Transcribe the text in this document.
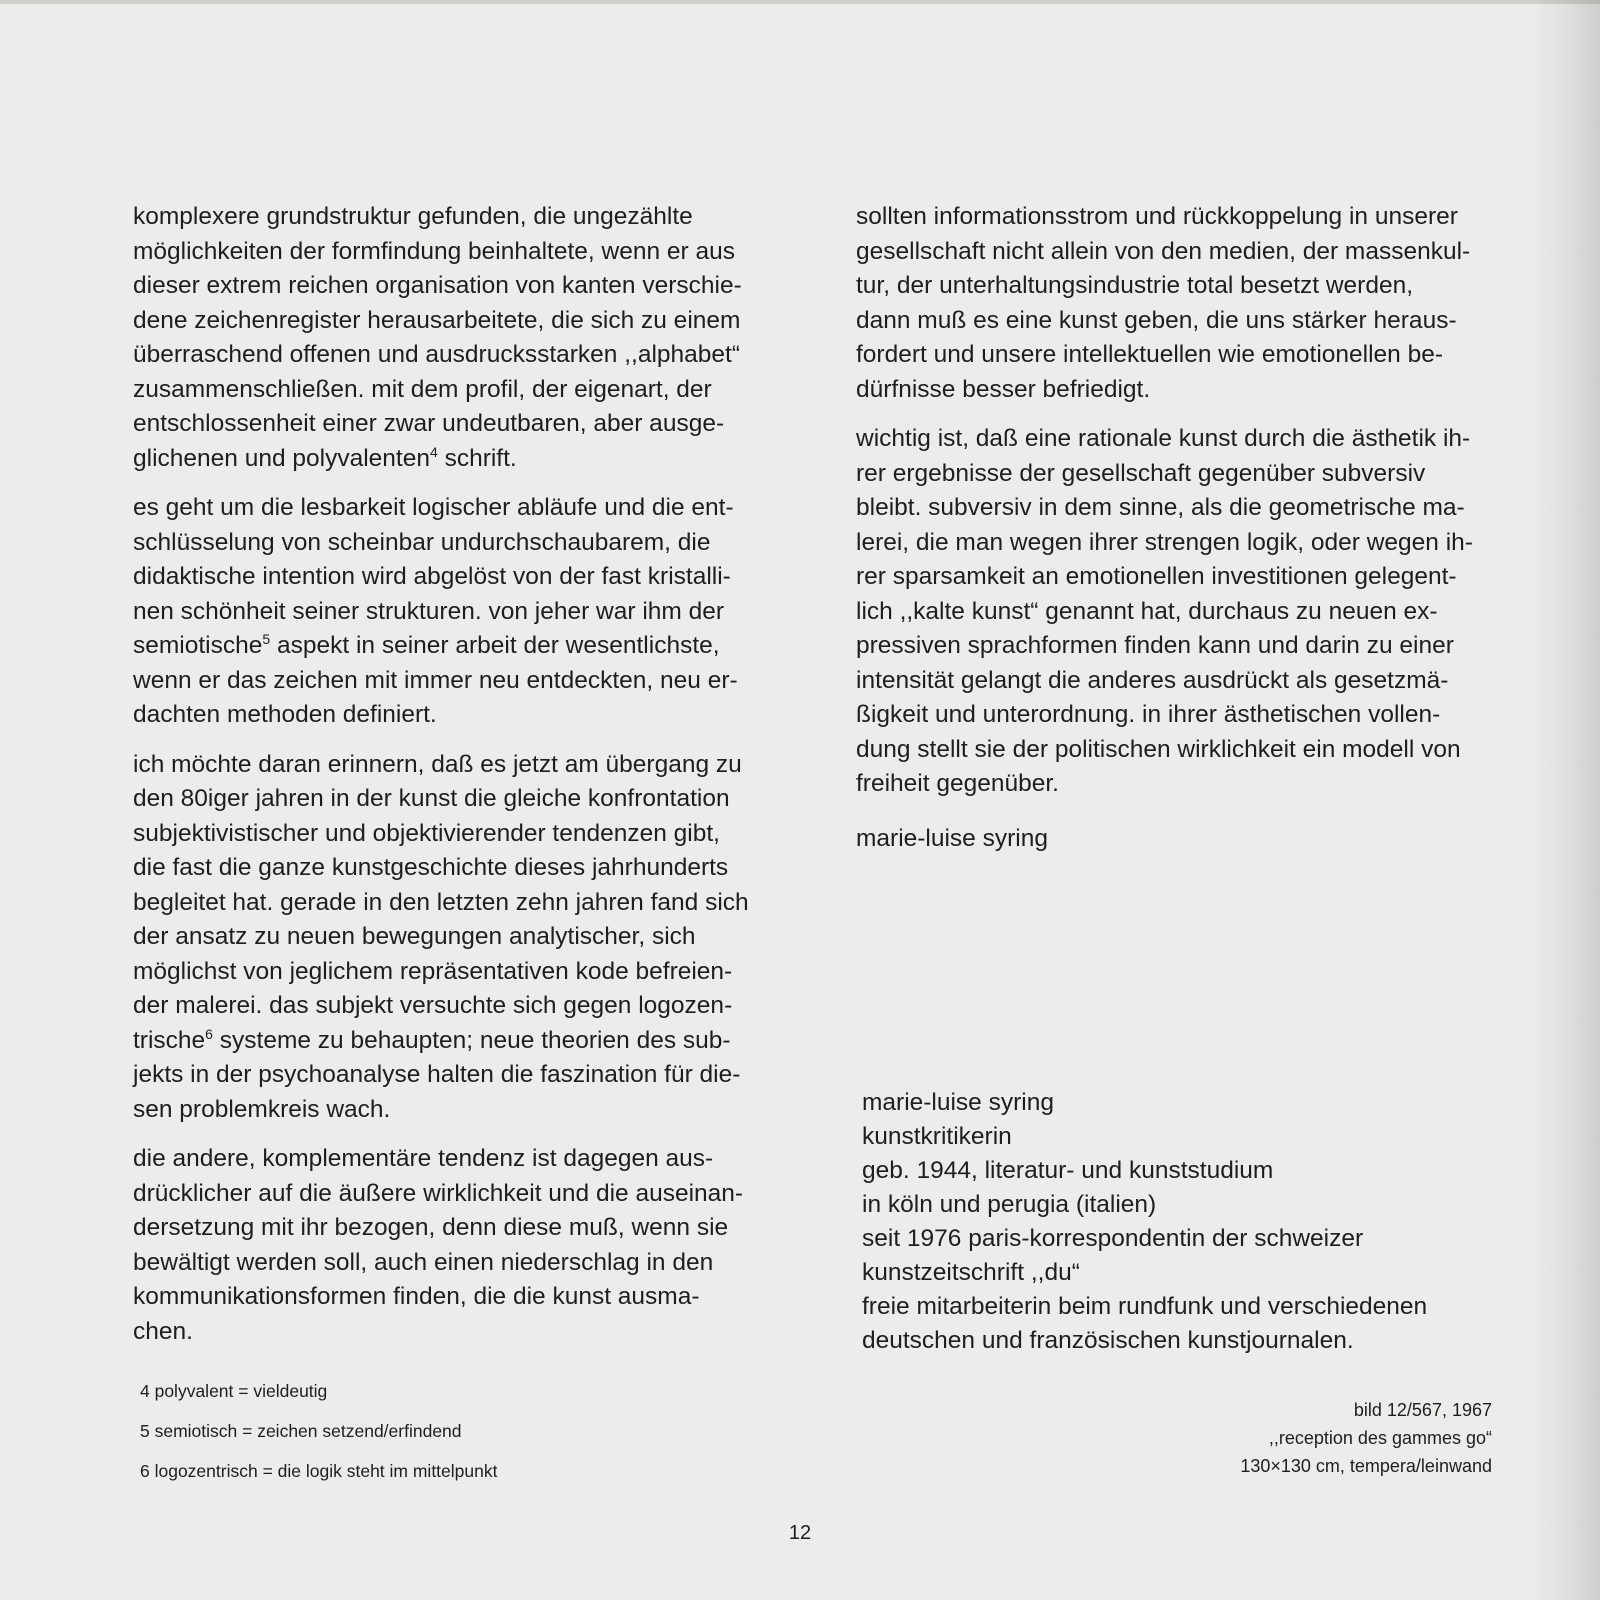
komplexere grundstruktur gefunden, die ungezählte
möglichkeiten der formfindung beinhaltete, wenn er aus
dieser extrem reichen organisation von kanten verschie-
dene zeichenregister herausarbeitete, die sich zu einem
überraschend offenen und ausdrucksstarken ,,alphabet“
zusammenschließen. mit dem profil, der eigenart, der
entschlossenheit einer zwar undeutbaren, aber ausge-
glichenen und polyvalenten$^4$ schrift.

es geht um die lesbarkeit logischer abläufe und die ent-
schlüsselung von scheinbar undurchschaubarem, die
didaktische intention wird abgelöst von der fast kristalli-
nen schönheit seiner strukturen. von jeher war ihm der
semiotische$^5$ aspekt in seiner arbeit der wesentlichste,
wenn er das zeichen mit immer neu entdeckten, neu er-
dachten methoden definiert.

ich möchte daran erinnern, daß es jetzt am übergang zu
den 80iger jahren in der kunst die gleiche konfrontation
subjektivistischer und objektivierender tendenzen gibt,
die fast die ganze kunstgeschichte dieses jahrhunderts
begleitet hat. gerade in den letzten zehn jahren fand sich
der ansatz zu neuen bewegungen analytischer, sich
möglichst von jeglichem repräsentativen kode befreien-
der malerei. das subjekt versuchte sich gegen logozen-
trische$^6$ systeme zu behaupten; neue theorien des sub-
jekts in der psychoanalyse halten die faszination für die-
sen problemkreis wach.

die andere, komplementäre tendenz ist dagegen aus-
drücklicher auf die äußere wirklichkeit und die auseinan-
dersetzung mit ihr bezogen, denn diese muß, wenn sie
bewältigt werden soll, auch einen niederschlag in den
kommunikationsformen finden, die die kunst ausma-
chen.

4 polyvalent = vieldeutig
5 semiotisch = zeichen setzend/erfindend
6 logozentrisch = die logik steht im mittelpunkt

sollten informationsstrom und rückkoppelung in unserer
gesellschaft nicht allein von den medien, der massenkul-
tur, der unterhaltungsindustrie total besetzt werden,
dann muß es eine kunst geben, die uns stärker heraus-
fordert und unsere intellektuellen wie emotionellen be-
dürfnisse besser befriedigt.

wichtig ist, daß eine rationale kunst durch die ästhetik ih-
rer ergebnisse der gesellschaft gegenüber subversiv
bleibt. subversiv in dem sinne, als die geometrische ma-
lerei, die man wegen ihrer strengen logik, oder wegen ih-
rer sparsamkeit an emotionellen investitionen gelegent-
lich ,,kalte kunst“ genannt hat, durchaus zu neuen ex-
pressiven sprachformen finden kann und darin zu einer
intensität gelangt die anderes ausdrückt als gesetzmä-
ßigkeit und unterordnung. in ihrer ästhetischen vollen-
dung stellt sie der politischen wirklichkeit ein modell von
freiheit gegenüber.

marie-luise syring
marie-luise syring
kunstkritikerin
geb. 1944, literatur- und kunststudium
in köln und perugia (italien)
seit 1976 paris-korrespondentin der schweizer
kunstzeitschrift ,,du“
freie mitarbeiterin beim rundfunk und verschiedenen
deutschen und französischen kunstjournalen.
bild 12/567, 1967
,,reception des gammes go“
130×130 cm, tempera/leinwand
12
